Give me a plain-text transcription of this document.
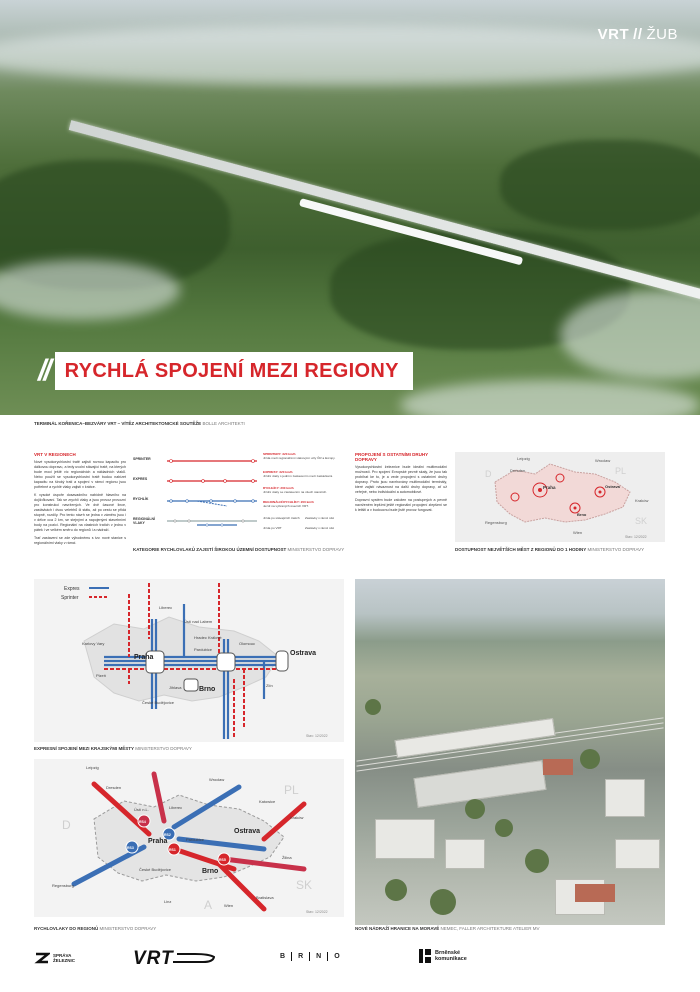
VRT // ŽUB
// RYCHLÁ SPOJENÍ MEZI REGIONY
TERMINÁL KOŘENICA–BEZVÁRY VRT – VÍTĚZ ARCHITEKTONICKÉ SOUTĚŽE BOLLE ARCHITEKTI
VRT V REGIONECH

Nové vysokorychlostní tratě zajistí rovnou kapacitu pro dálkovou dopravu, a tedy uvolní stávající tratě, na kterých bude moci ještě víc regionálních a nákladních vlaků. Nebo použít se vysokorychlostní tratě budou nabízet kapacitu na široký trati a spojení v rámci regionu jsou potřebné a rychlé vlaky zajistí v krátce.

K vysoké úspoře dosavadního nabídně hlavního na dojížďkovaní. Tak se zrychlí vlaky a jsou provoz provozní pro konstrukci navržených. Ve dvě časové lince, zastávkách i dvou veletrhů či státu, až po cestu se přidá stupně, rozdíly. Pro tento návrh se jedna v záměru jsou i v délce cca 2 km, se stejnými a napojenými stavebními body na pozici. Regionální na vlastních tratích v jednu v pátek i ve velkém směru do regionů i a nádraží.

Trať zastavení se zde výhodnému s tzv. nové stanice s regionálními vlaky v rámci.

SPRINTER
EXPRES
RYCHLÍK
REGIONÁLNÍ VLAKY
SPRINTERY: 320 km/h
Jízda mezi regionálními vlakovými uzly ČR a Evropy.
EXPRESY: 320 km/h
Jízdní vlaky s jedním zastavením mezi zastávkami.
RYCHLÍKY: 200 km/h
Jízdní vlaky se zastavením na všech stanicích.
REGIONÁLNÍ RYCHLÍKY: 200 km/h
Jezdí na vybraných úsecích VRT.
Jízda po stávajících tratích	Zastávky v rámci sítě
Jízda po VRT	Zastávky v rámci sítě
KATEGORIE RYCHLOVLAKŮ ZAJISTÍ ŠIROKOU ÚZEMNÍ DOSTUPNOST MINISTERSTVO DOPRAVY
PROPOJENÍ S OSTATNÍMI DRUHY DOPRAVY

Vysokorychlostní železnice bude ideální multimodální možností. Pro spojení Evropské pevně skaly, že jsou tak probíhat ke to, je a vede propojení s ostatními druhy dopravy. Proto jsou navrhovány multimodální terminály, které zajistí návaznost na další druhy dopravy, ať už veřejné, nebo individuální a automobilové.

Dopravní systém bude založen na postupných a pevně navrženém lepšími ještě regionální propojení zlepšení se k letišti a v budoucnu bude jistě provoz fungovat.

Leipzig
Dresden
Wrocław
Praha	Ostrava
Brno
Kraków
Regensburg
Wien
D	PL
SK
Stav: 12/2022
DOSTUPNOST NEJVĚTŠÍCH MĚST Z REGIONŮ DO 1 HODINY MINISTERSTVO DOPRAVY
Expres
Sprinter
Praha
Ostrava
Brno
Plzeň
Ústí nad Labem
Olomouc
Hradec Králové
Pardubice
Jihlava	Zlín
Liberec
Karlovy Vary
České Budějovice
Stav: 12/2022
EXPRESNÍ SPOJENÍ MEZI KRAJSKÝMI MĚSTY MINISTERSTVO DOPRAVY
RS4
RS2
RS3	RS1
RS5
Leipzig
Dresden
Wrocław
Praha
Ostrava
Brno
Kraków
Regensburg
Wien
Bratislava
Katowice
Linz
Žilina
Liberec
Ústí n.L.
Pardubice
České Budějovice
D
PL
SK
A	Stav: 12/2022
RYCHLOVLAKY DO REGIONŮ MINISTERSTVO DOPRAVY	NOVÉ NÁDRAŽÍ HRANICE NA MORAVĚ NEMEC, FALLER ARCHITEKTURE ATELIER MV
SPRÁVA
ŽELEZNIC	VRT	B R N O
Brněnské
komunikace
